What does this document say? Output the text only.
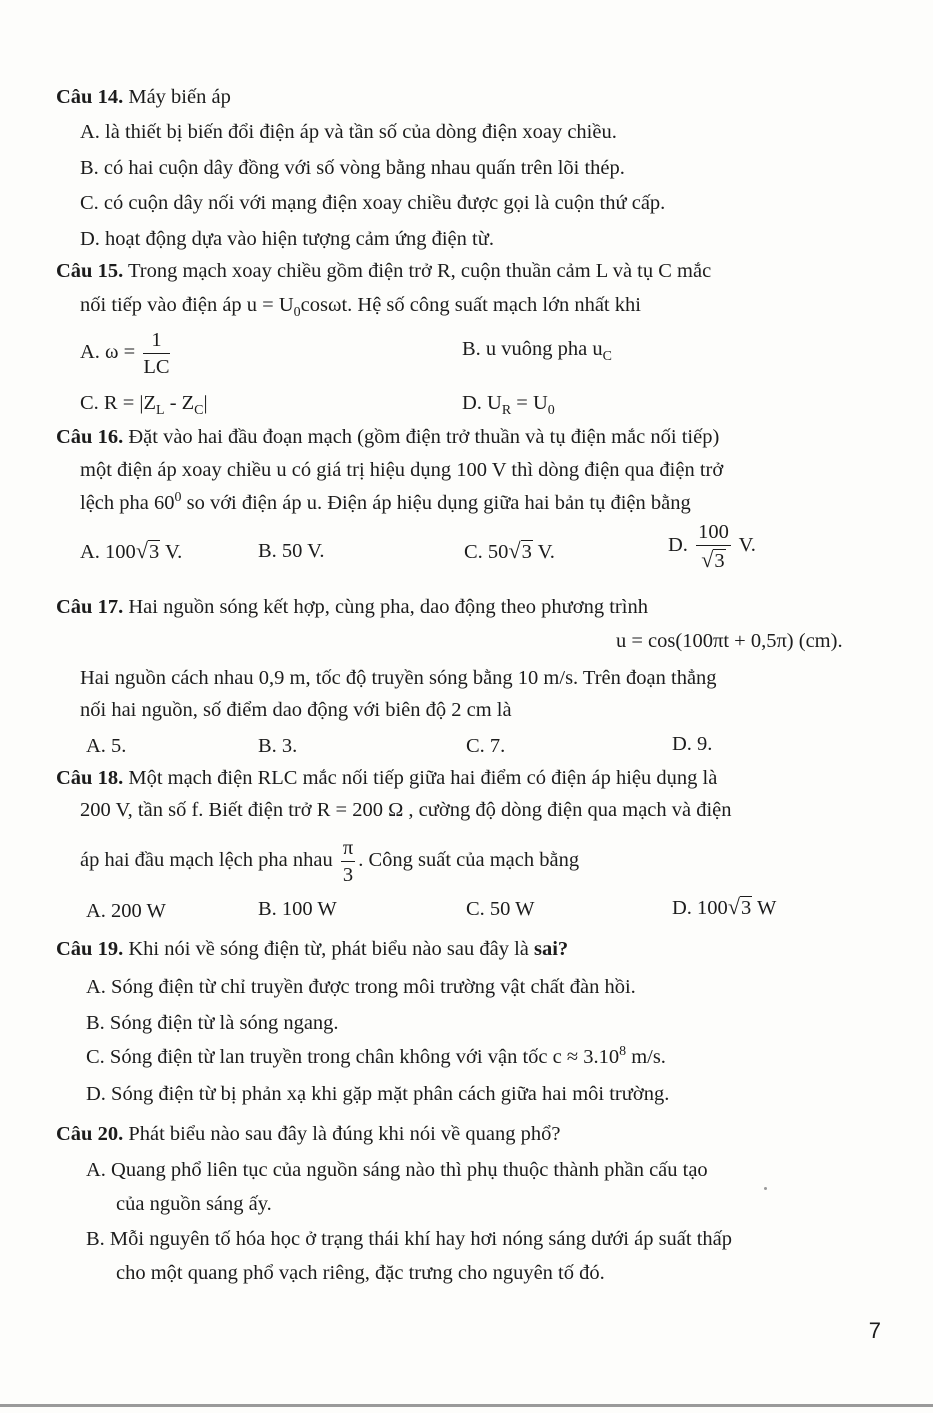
Câu 14. Máy biến áp
A. là thiết bị biến đổi điện áp và tần số của dòng điện xoay chiều.
B. có hai cuộn dây đồng với số vòng bằng nhau quấn trên lõi thép.
C. có cuộn dây nối với mạng điện xoay chiều được gọi là cuộn thứ cấp.
D. hoạt động dựa vào hiện tượng cảm ứng điện từ.
Câu 15. Trong mạch xoay chiều gồm điện trở R, cuộn thuần cảm L và tụ C mắc
nối tiếp vào điện áp $u = U_0\cos\omega t$. Hệ số công suất mạch lớn nhất khi
A. $\omega = \frac{1}{LC}$	B. u vuông pha $u_C$
C. $R = |Z_L - Z_C|$	D. $U_R = U_0$
Câu 16. Đặt vào hai đầu đoạn mạch (gồm điện trở thuần và tụ điện mắc nối tiếp)
một điện áp xoay chiều u có giá trị hiệu dụng 100 V thì dòng điện qua điện trở
lệch pha $60^0$ so với điện áp u. Điện áp hiệu dụng giữa hai bản tụ điện bằng
A. 100√3 V.	B. 50 V.	C. 50√3 V.	D. $\frac{100}{√3} V$.
Câu 17. Hai nguồn sóng kết hợp, cùng pha, dao động theo phương trình
u = cos(100πt + 0,5π) (cm).
Hai nguồn cách nhau 0,9 m, tốc độ truyền sóng bằng 10 m/s. Trên đoạn thẳng
nối hai nguồn, số điểm dao động với biên độ 2 cm là
A. 5.	B. 3.	C. 7.	D. 9.
Câu 18. Một mạch điện RLC mắc nối tiếp giữa hai điểm có điện áp hiệu dụng là
200 V, tần số f. Biết điện trở R = 200 Ω , cường độ dòng điện qua mạch và điện
áp hai đầu mạch lệch pha nhau $\frac{\pi}{3}$ . Công suất của mạch bằng
A. 200 W	B. 100 W	C. 50 W	D. 100√3 W
Câu 19. Khi nói về sóng điện từ, phát biểu nào sau đây là sai?
A. Sóng điện từ chỉ truyền được trong môi trường vật chất đàn hồi.
B. Sóng điện từ là sóng ngang.
C. Sóng điện từ lan truyền trong chân không với vận tốc $c \approx 3.10^8$ m/s.
D. Sóng điện từ bị phản xạ khi gặp mặt phân cách giữa hai môi trường.
Câu 20. Phát biểu nào sau đây là đúng khi nói về quang phổ?
A. Quang phổ liên tục của nguồn sáng nào thì phụ thuộc thành phần cấu tạo
của nguồn sáng ấy.
B. Mỗi nguyên tố hóa học ở trạng thái khí hay hơi nóng sáng dưới áp suất thấp
cho một quang phổ vạch riêng, đặc trưng cho nguyên tố đó.
7
